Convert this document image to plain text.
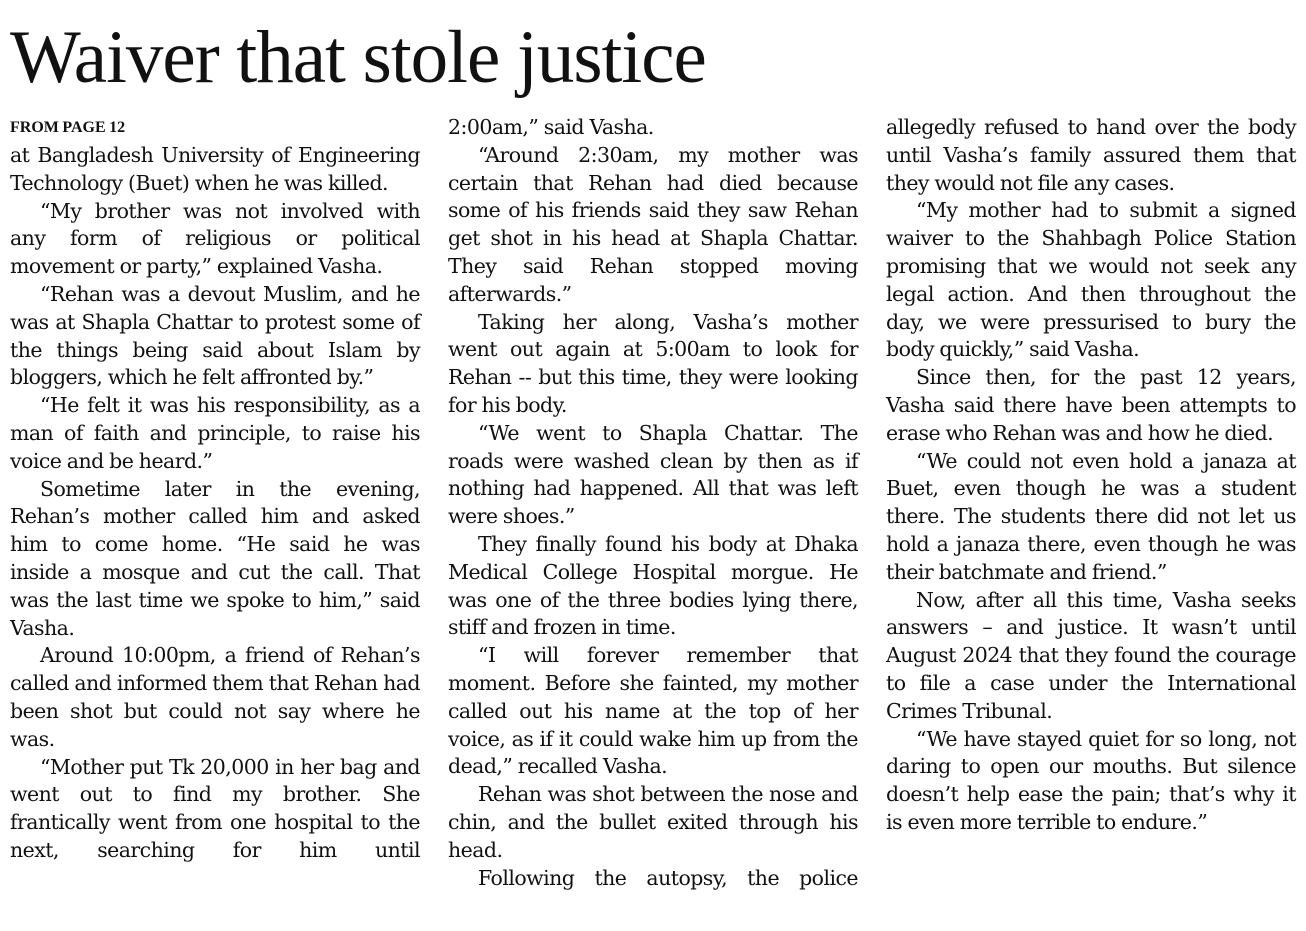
Waiver that stole justice
FROM PAGE 12

at Bangladesh University of Engineering Technology (Buet) when he was killed.

“My brother was not involved with any form of religious or political movement or party,” explained Vasha.

“Rehan was a devout Muslim, and he was at Shapla Chattar to protest some of the things being said about Islam by bloggers, which he felt affronted by.”

“He felt it was his responsibility, as a man of faith and principle, to raise his voice and be heard.”

Sometime later in the evening, Rehan’s mother called him and asked him to come home. “He said he was inside a mosque and cut the call. That was the last time we spoke to him,” said Vasha.

Around 10:00pm, a friend of Rehan’s called and informed them that Rehan had been shot but could not say where he was.

“Mother put Tk 20,000 in her bag and went out to find my brother. She frantically went from one hospital to the next, searching for him until

2:00am,” said Vasha.

“Around 2:30am, my mother was certain that Rehan had died because some of his friends said they saw Rehan get shot in his head at Shapla Chattar. They said Rehan stopped moving afterwards.”

Taking her along, Vasha’s mother went out again at 5:00am to look for Rehan -- but this time, they were looking for his body.

“We went to Shapla Chattar. The roads were washed clean by then as if nothing had happened. All that was left were shoes.”

They finally found his body at Dhaka Medical College Hospital morgue. He was one of the three bodies lying there, stiff and frozen in time.

“I will forever remember that moment. Before she fainted, my mother called out his name at the top of her voice, as if it could wake him up from the dead,” recalled Vasha.

Rehan was shot between the nose and chin, and the bullet exited through his head.

Following the autopsy, the police

allegedly refused to hand over the body until Vasha’s family assured them that they would not file any cases.

“My mother had to submit a signed waiver to the Shahbagh Police Station promising that we would not seek any legal action. And then throughout the day, we were pressurised to bury the body quickly,” said Vasha.

Since then, for the past 12 years, Vasha said there have been attempts to erase who Rehan was and how he died.

“We could not even hold a janaza at Buet, even though he was a student there. The students there did not let us hold a janaza there, even though he was their batchmate and friend.”

Now, after all this time, Vasha seeks answers – and justice. It wasn’t until August 2024 that they found the courage to file a case under the International Crimes Tribunal.

“We have stayed quiet for so long, not daring to open our mouths. But silence doesn’t help ease the pain; that’s why it is even more terrible to endure.”
